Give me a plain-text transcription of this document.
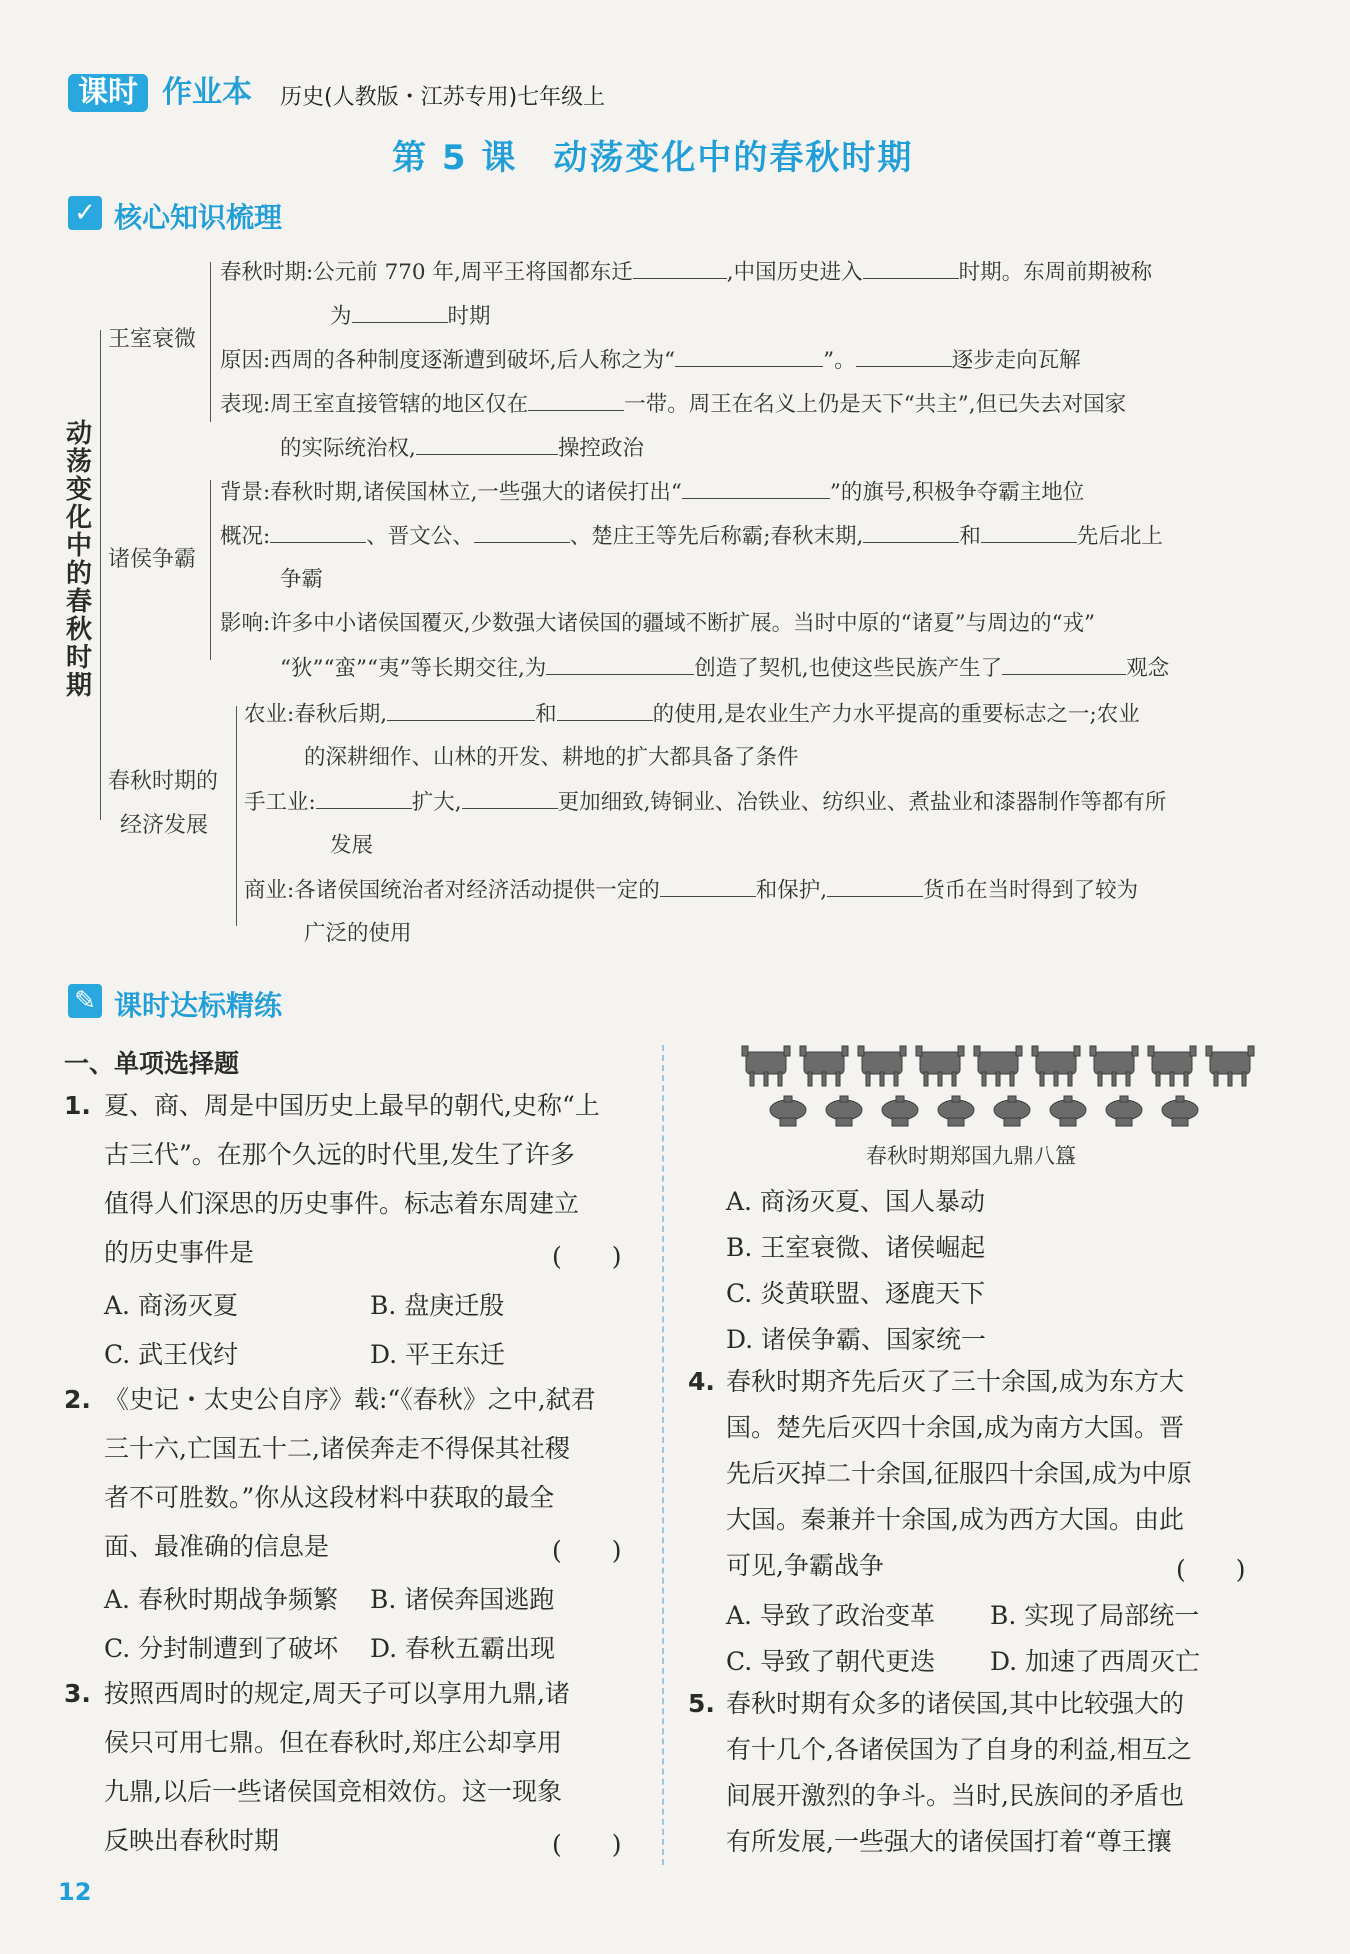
课时 作业本 历史(人教版・江苏专用)七年级上
第 5 课　动荡变化中的春秋时期
✓ 核心知识梳理
动荡变化中的春秋时期
王室衰微
春秋时期:公元前 770 年,周平王将国都东迁	,中国历史进入	时期。东周前期被称
为	时期
原因:西周的各种制度逐渐遭到破坏,后人称之为“	”。	逐步走向瓦解
表现:周王室直接管辖的地区仅在	一带。周王在名义上仍是天下“共主”,但已失去对国家
的实际统治权,	操控政治
诸侯争霸
背景:春秋时期,诸侯国林立,一些强大的诸侯打出“	”的旗号,积极争夺霸主地位
概况:	、晋文公、	、楚庄王等先后称霸;春秋末期,	和	先后北上
争霸
影响:许多中小诸侯国覆灭,少数强大诸侯国的疆域不断扩展。当时中原的“诸夏”与周边的“戎”
“狄”“蛮”“夷”等长期交往,为	创造了契机,也使这些民族产生了	观念
春秋时期的
经济发展
农业:春秋后期,	和	的使用,是农业生产力水平提高的重要标志之一;农业
的深耕细作、山林的开发、耕地的扩大都具备了条件
手工业:	扩大,	更加细致,铸铜业、冶铁业、纺织业、煮盐业和漆器制作等都有所
发展
商业:各诸侯国统治者对经济活动提供一定的	和保护,	货币在当时得到了较为
广泛的使用
✎ 课时达标精练
一、单项选择题
1. 夏、商、周是中国历史上最早的朝代,史称“上
古三代”。在那个久远的时代里,发生了许多
值得人们深思的历史事件。标志着东周建立
的历史事件是	(　　)
A. 商汤灭夏	B. 盘庚迁殷
C. 武王伐纣	D. 平王东迁
2. 《史记・太史公自序》载:“《春秋》之中,弑君
三十六,亡国五十二,诸侯奔走不得保其社稷
者不可胜数。”你从这段材料中获取的最全
面、最准确的信息是	(　　)
A. 春秋时期战争频繁 B. 诸侯奔国逃跑
C. 分封制遭到了破坏 D. 春秋五霸出现
3. 按照西周时的规定,周天子可以享用九鼎,诸
侯只可用七鼎。但在春秋时,郑庄公却享用
九鼎,以后一些诸侯国竞相效仿。这一现象
反映出春秋时期	(　　)
春秋时期郑国九鼎八簋
A. 商汤灭夏、国人暴动
B. 王室衰微、诸侯崛起
C. 炎黄联盟、逐鹿天下
D. 诸侯争霸、国家统一
4. 春秋时期齐先后灭了三十余国,成为东方大
国。楚先后灭四十余国,成为南方大国。晋
先后灭掉二十余国,征服四十余国,成为中原
大国。秦兼并十余国,成为西方大国。由此
可见,争霸战争	(　　)
A. 导致了政治变革 B. 实现了局部统一
C. 导致了朝代更迭 D. 加速了西周灭亡
5. 春秋时期有众多的诸侯国,其中比较强大的
有十几个,各诸侯国为了自身的利益,相互之
间展开激烈的争斗。当时,民族间的矛盾也
有所发展,一些强大的诸侯国打着“尊王攘
12
